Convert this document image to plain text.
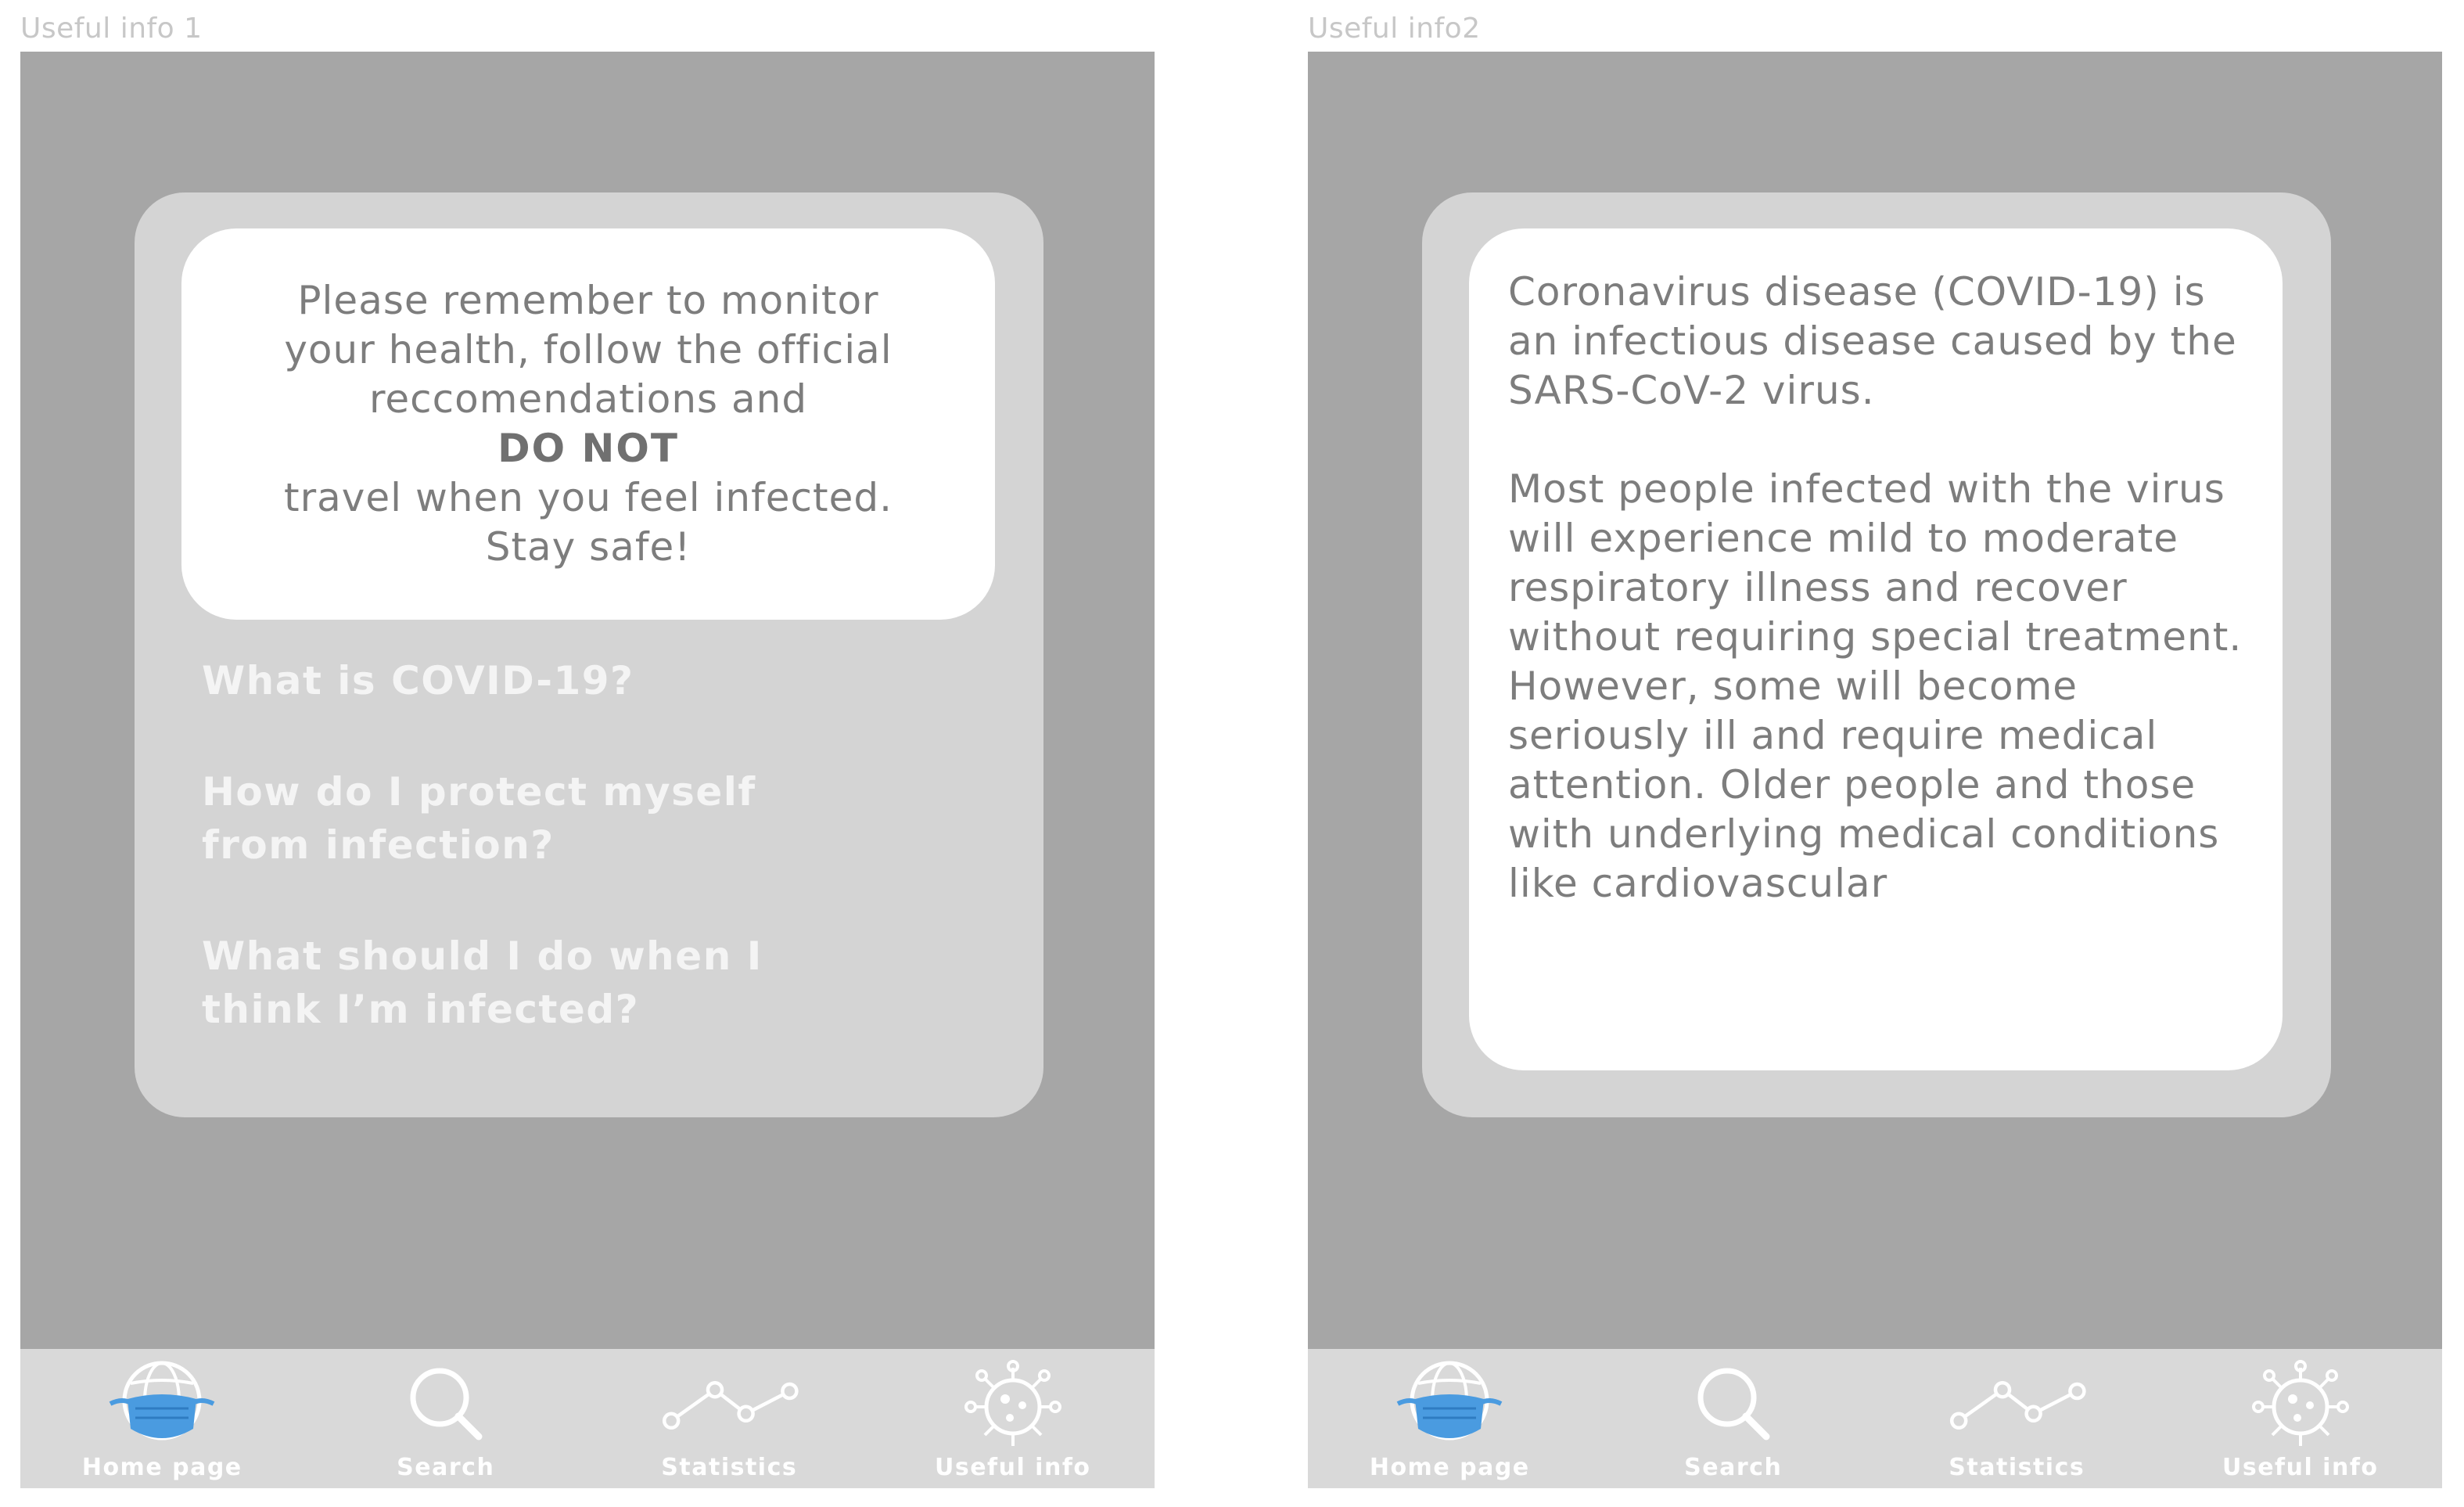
Useful info 1
Please remember to monitor
your health, follow the official
reccomendations and
DO NOT
travel when you feel infected.
Stay safe!
What is COVID-19?
How do I protect myself
from infection?
What should I do when I
think I’m infected?
Home page	Search	Statistics	Useful info
Useful info2

Coronavirus disease (COVID-19) is an infectious disease caused by the SARS-CoV-2 virus.

Most people infected with the virus will experience mild to moderate respiratory illness and recover without requiring special treatment. However, some will become seriously ill and require medical attention. Older people and those with underlying medical conditions like cardiovascular

Home page	Search	Statistics	Useful info
